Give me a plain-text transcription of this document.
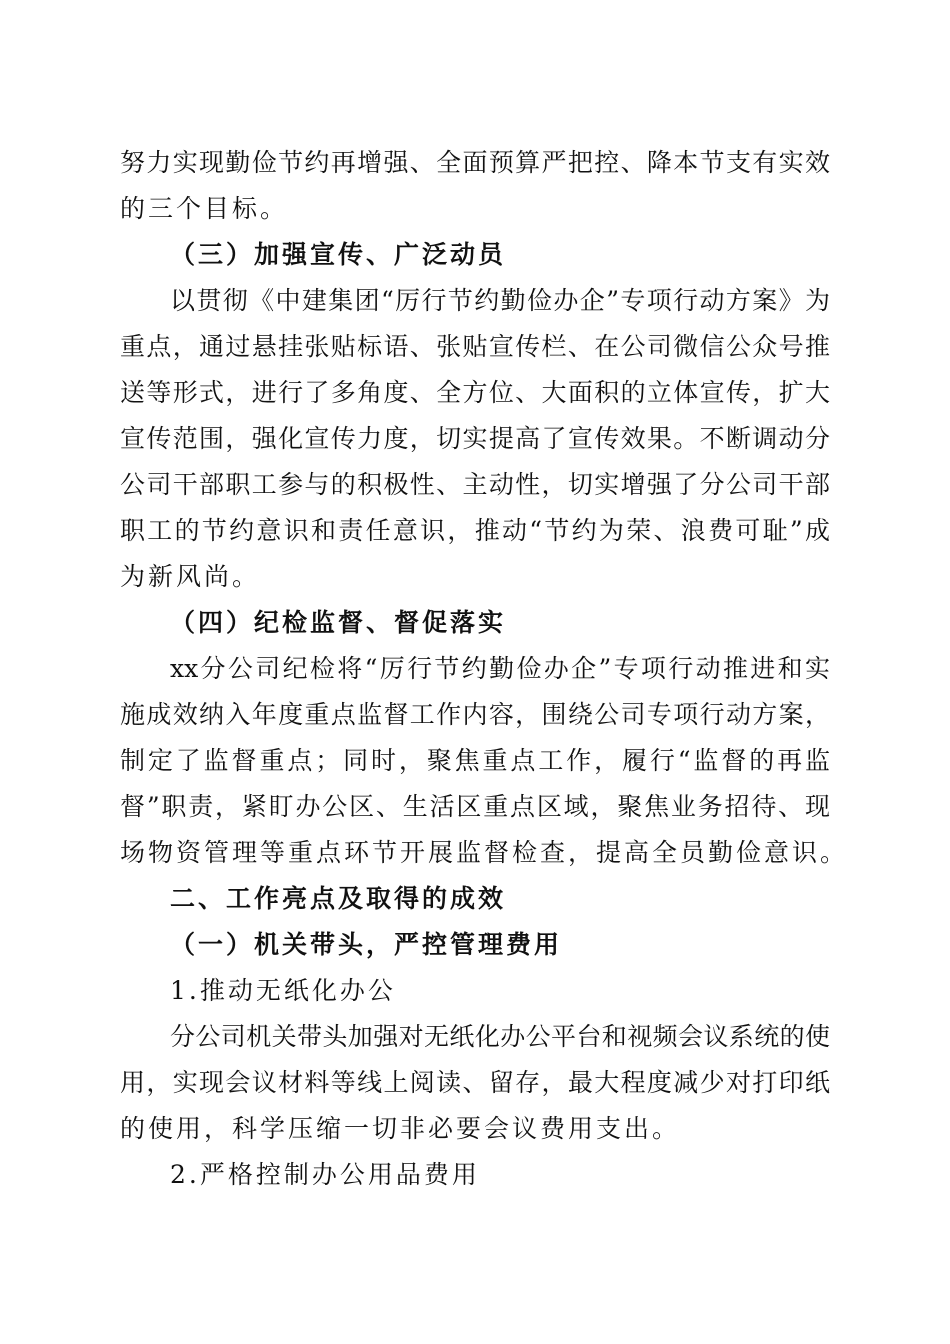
努力实现勤俭节约再增强、全面预算严把控、降本节支有实效
的三个目标。
（三）加强宣传、广泛动员
以贯彻《中建集团“厉行节约勤俭办企”专项行动方案》为
重点，通过悬挂张贴标语、张贴宣传栏、在公司微信公众号推
送等形式，进行了多角度、全方位、大面积的立体宣传，扩大
宣传范围，强化宣传力度，切实提高了宣传效果。不断调动分
公司干部职工参与的积极性、主动性，切实增强了分公司干部
职工的节约意识和责任意识，推动“节约为荣、浪费可耻”成
为新风尚。
（四）纪检监督、督促落实
xx分公司纪检将“厉行节约勤俭办企”专项行动推进和实
施成效纳入年度重点监督工作内容，围绕公司专项行动方案，
制定了监督重点；同时，聚焦重点工作，履行“监督的再监
督”职责，紧盯办公区、生活区重点区域，聚焦业务招待、现
场物资管理等重点环节开展监督检查，提高全员勤俭意识。
二、工作亮点及取得的成效
（一）机关带头，严控管理费用
1.推动无纸化办公
分公司机关带头加强对无纸化办公平台和视频会议系统的使
用，实现会议材料等线上阅读、留存，最大程度减少对打印纸
的使用，科学压缩一切非必要会议费用支出。
2.严格控制办公用品费用
